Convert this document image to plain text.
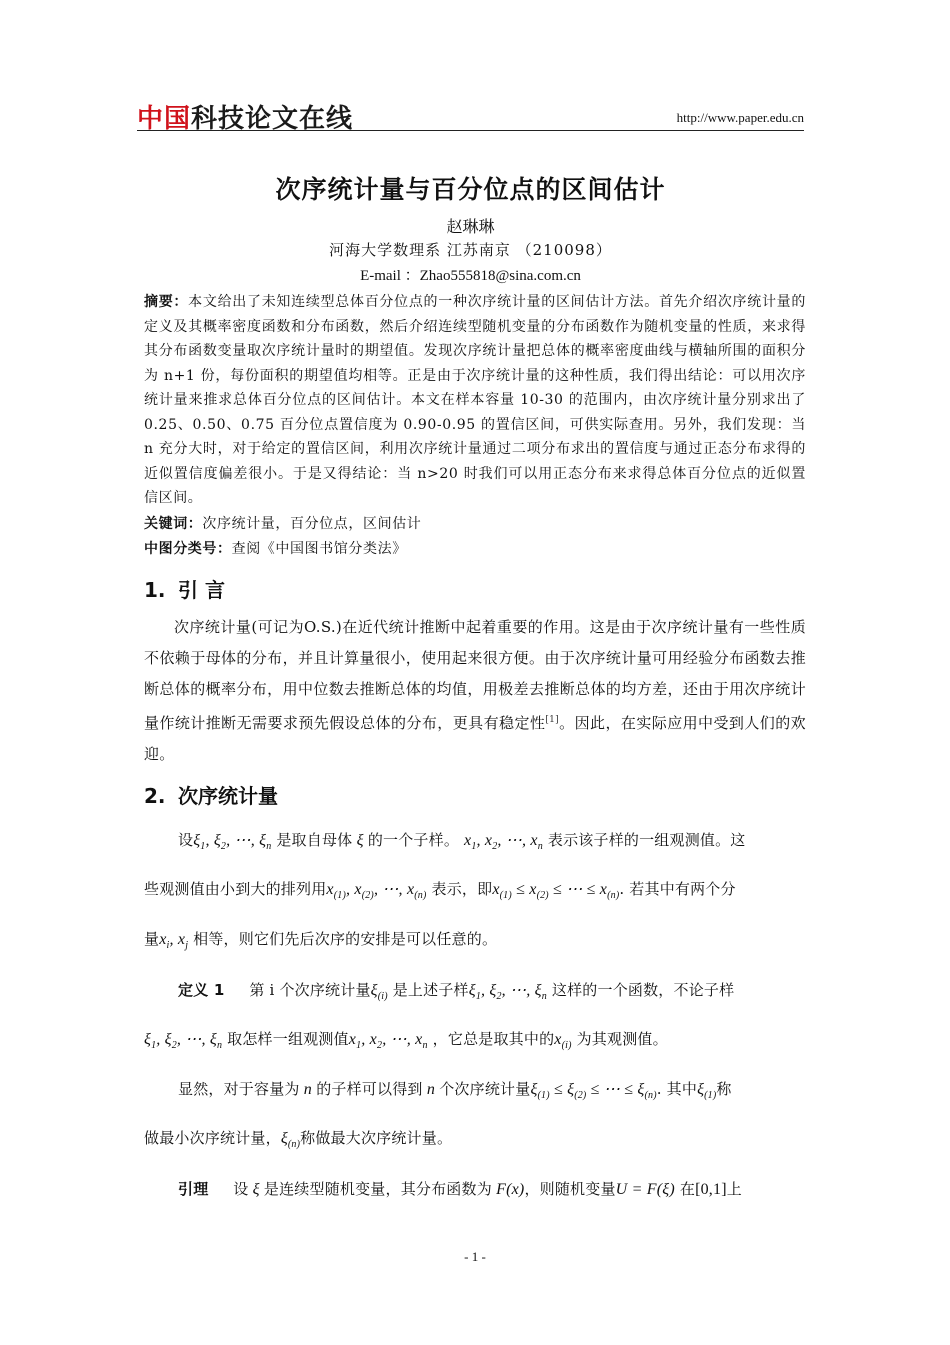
中国科技论文在线	http://www.paper.edu.cn
次序统计量与百分位点的区间估计
赵琳琳
河海大学数理系 江苏南京 （210098）
E-mail ：Zhao555818@sina.com.cn
摘要：本文给出了未知连续型总体百分位点的一种次序统计量的区间估计方法。首先介绍次序统计量的定义及其概率密度函数和分布函数，然后介绍连续型随机变量的分布函数作为随机变量的性质，来求得其分布函数变量取次序统计量时的期望值。发现次序统计量把总体的概率密度曲线与横轴所围的面积分为 n+1 份，每份面积的期望值均相等。正是由于次序统计量的这种性质，我们得出结论：可以用次序统计量来推求总体百分位点的区间估计。本文在样本容量 10-30 的范围内，由次序统计量分别求出了 0.25、0.50、0.75 百分位点置信度为 0.90-0.95 的置信区间，可供实际查用。另外，我们发现：当 n 充分大时，对于给定的置信区间，利用次序统计量通过二项分布求出的置信度与通过正态分布求得的近似置信度偏差很小。于是又得结论：当 n>20 时我们可以用正态分布来求得总体百分位点的近似置信区间。
关键词：次序统计量，百分位点，区间估计
中图分类号：查阅《中国图书馆分类法》
1. 引 言
次序统计量(可记为O.S.)在近代统计推断中起着重要的作用。这是由于次序统计量有一些性质不依赖于母体的分布，并且计算量很小，使用起来很方便。由于次序统计量可用经验分布函数去推断总体的概率分布，用中位数去推断总体的均值，用极差去推断总体的均方差，还由于用次序统计量作统计推断无需要求预先假设总体的分布，更具有稳定性[1]。因此，在实际应用中受到人们的欢迎。
2. 次序统计量
设$\xi_1$, $\xi_2$, ⋯, $\xi_n$ 是取自母体 ξ 的一个子样。 $x_1$, $x_2$, ⋯, $x_n$ 表示该子样的一组观测值。这
些观测值由小到大的排列用$x_{(1)}$, $x_{(2)}$, ⋯, $x_{(n)}$ 表示，即$x_{(1)} \le x_{(2)}$ ≤ ⋯ ≤ $x_{(n)}$. 若其中有两个分
量$x_i$, $x_j$ 相等，则它们先后次序的安排是可以任意的。
定义 1 第 i 个次序统计量$\xi_{(i)}$ 是上述子样$\xi_1$, $\xi_2$, ⋯, $\xi_n$ 这样的一个函数，不论子样
$\xi_1$, $\xi_2$, ⋯, $\xi_n$ 取怎样一组观测值$x_1$, $x_2$, ⋯, $x_n$ ，它总是取其中的$x_{(i)}$ 为其观测值。
显然，对于容量为 n 的子样可以得到 n 个次序统计量$\xi_{(1)} \le \xi_{(2)}$ ≤ ⋯ ≤ $\xi_{(n)}$. 其中$\xi_{(1)}$称
做最小次序统计量，$\xi_{(n)}$称做最大次序统计量。
引理 设 ξ 是连续型随机变量，其分布函数为 F(x)，则随机变量U = F(ξ) 在[0,1]上
- 1 -
